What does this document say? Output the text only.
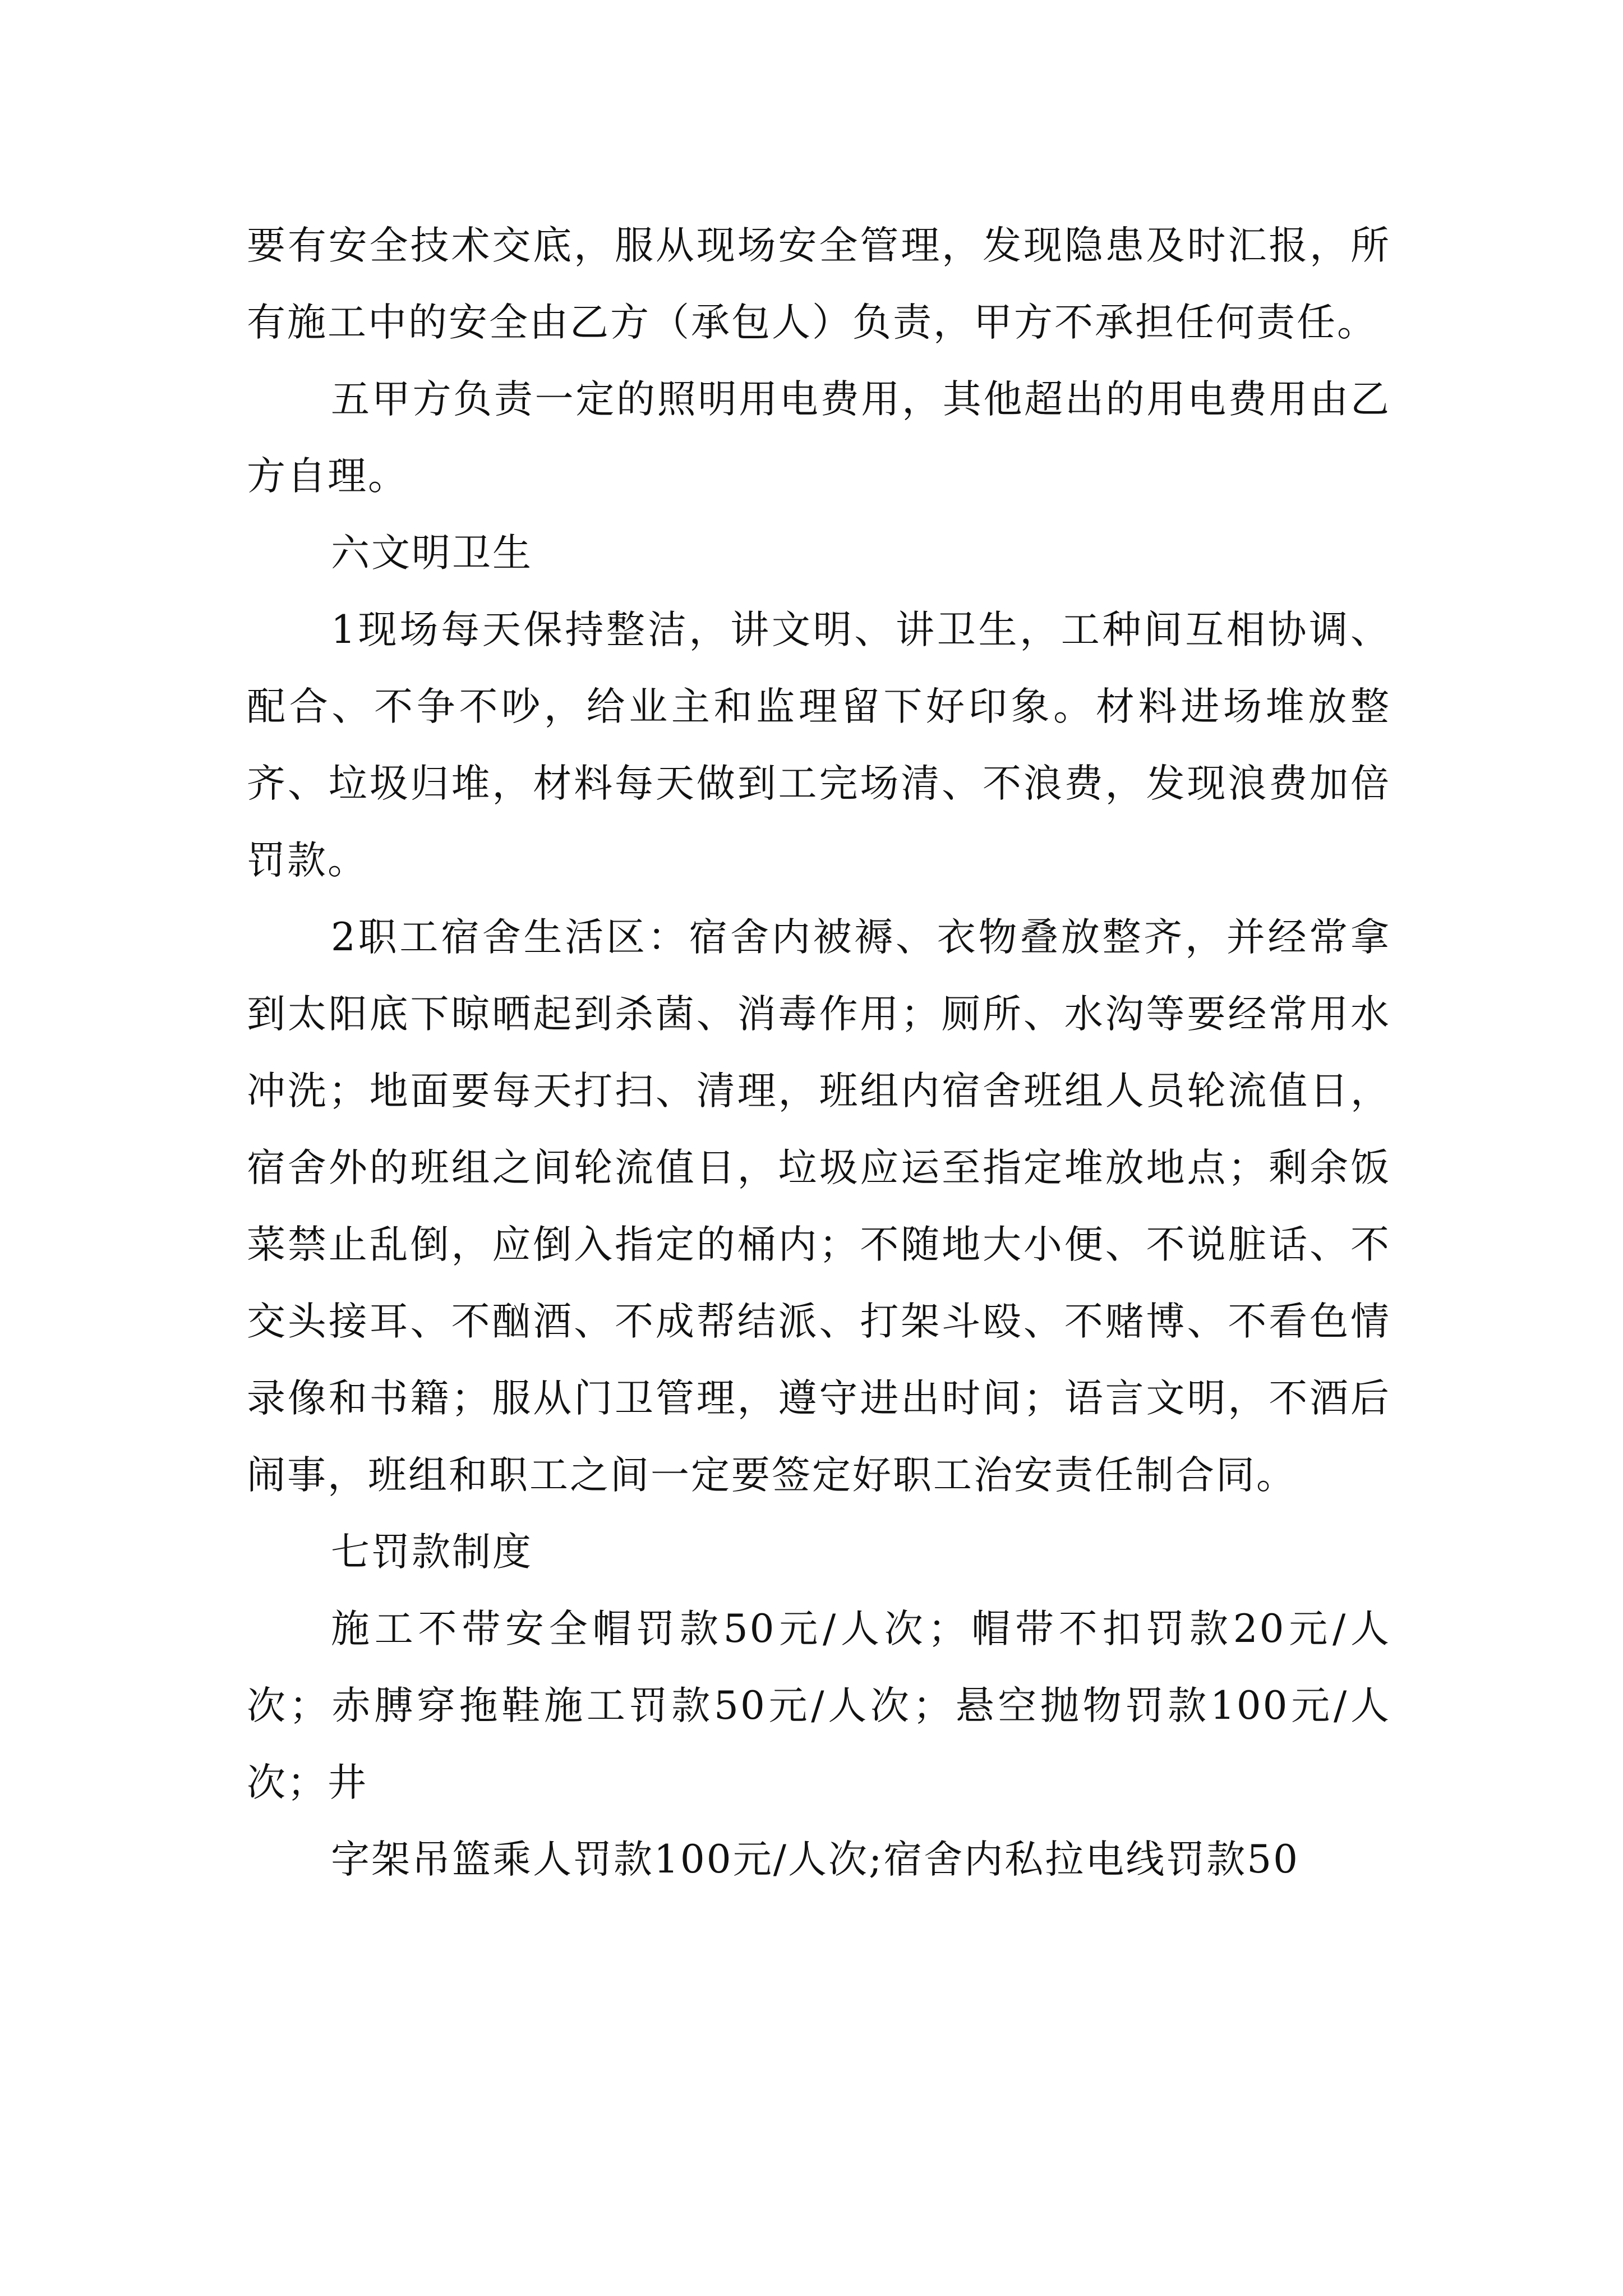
要有安全技术交底，服从现场安全管理，发现隐患及时汇报，所有施工中的安全由乙方（承包人）负责，甲方不承担任何责任。

五甲方负责一定的照明用电费用，其他超出的用电费用由乙方自理。

六文明卫生

1现场每天保持整洁，讲文明、讲卫生，工种间互相协调、配合、不争不吵，给业主和监理留下好印象。材料进场堆放整齐、垃圾归堆，材料每天做到工完场清、不浪费，发现浪费加倍罚款。

2职工宿舍生活区：宿舍内被褥、衣物叠放整齐，并经常拿到太阳底下晾晒起到杀菌、消毒作用；厕所、水沟等要经常用水冲洗；地面要每天打扫、清理，班组内宿舍班组人员轮流值日，宿舍外的班组之间轮流值日，垃圾应运至指定堆放地点；剩余饭菜禁止乱倒，应倒入指定的桶内；不随地大小便、不说脏话、不交头接耳、不酗酒、不成帮结派、打架斗殴、不赌博、不看色情录像和书籍；服从门卫管理，遵守进出时间；语言文明，不酒后闹事，班组和职工之间一定要签定好职工治安责任制合同。

七罚款制度

施工不带安全帽罚款50元/人次；帽带不扣罚款20元/人次；赤膊穿拖鞋施工罚款50元/人次；悬空抛物罚款100元/人次；井

字架吊篮乘人罚款100元/人次;宿舍内私拉电线罚款50
